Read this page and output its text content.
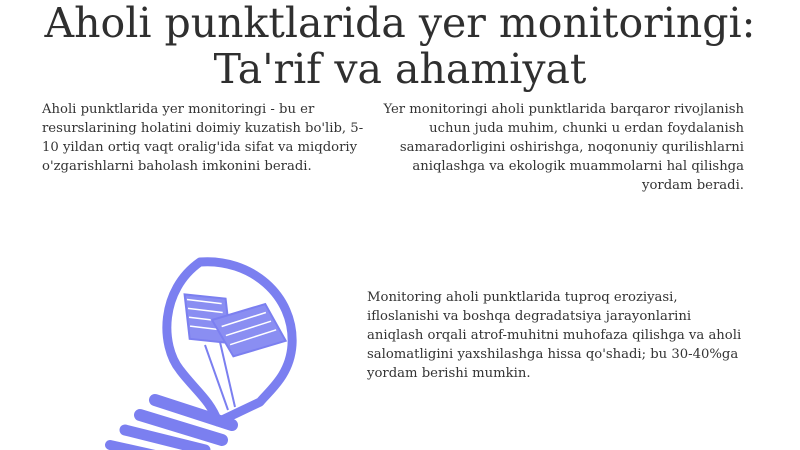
Aholi punktlarida yer monitoringi:
Ta'rif va ahamiyat

Aholi punktlarida yer monitoringi - bu er resurslarining holatini doimiy kuzatish bo'lib, 5-10 yildan ortiq vaqt oralig'ida sifat va miqdoriy o'zgarishlarni baholash imkonini beradi.

Yer monitoringi aholi punktlarida barqaror rivojlanish uchun juda muhim, chunki u erdan foydalanish samaradorligini oshirishga, noqonuniy qurilishlarni aniqlashga va ekologik muammolarni hal qilishga yordam beradi.

Monitoring aholi punktlarida tuproq eroziyasi, ifloslanishi va boshqa degradatsiya jarayonlarini aniqlash orqali atrof-muhitni muhofaza qilishga va aholi salomatligini yaxshilashga hissa qo'shadi; bu 30-40%ga yordam berishi mumkin.
